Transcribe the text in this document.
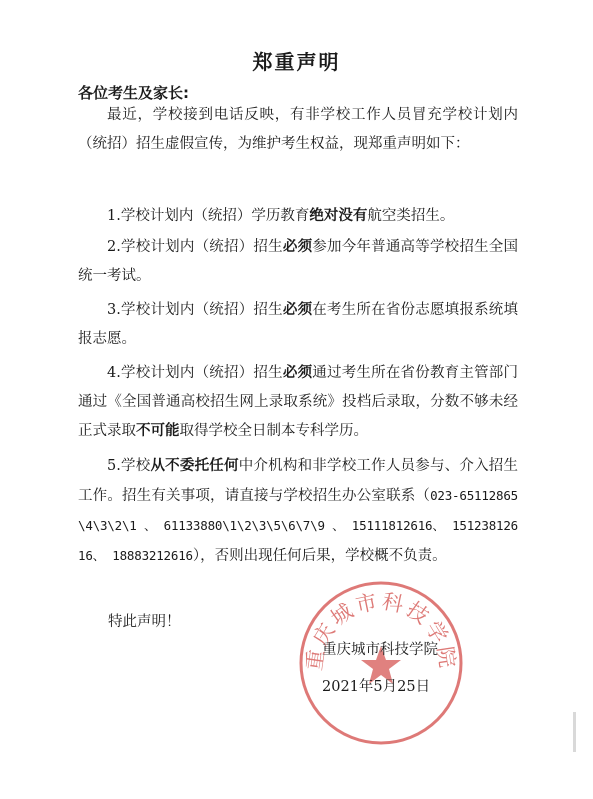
郑重声明
各位考生及家长:

最近，学校接到电话反映，有非学校工作人员冒充学校计划内（统招）招生虚假宣传，为维护考生权益，现郑重声明如下：

1.学校计划内（统招）学历教育绝对没有航空类招生。

2.学校计划内（统招）招生必须参加今年普通高等学校招生全国统一考试。

3.学校计划内（统招）招生必须在考生所在省份志愿填报系统填报志愿。

4.学校计划内（统招）招生必须通过考生所在省份教育主管部门通过《全国普通高校招生网上录取系统》投档后录取，分数不够未经正式录取不可能取得学校全日制本专科学历。

5.学校从不委托任何中介机构和非学校工作人员参与、介入招生工作。招生有关事项，请直接与学校招生办公室联系（023-65112865\4\3\2\1 、 61133880\1\2\3\5\6\7\9 、 15111812616、 15123812616、 18883212616），否则出现任何后果，学校概不负责。

特此声明！
重庆城市科技学院
重庆城市科技学院
2021年5月25日
